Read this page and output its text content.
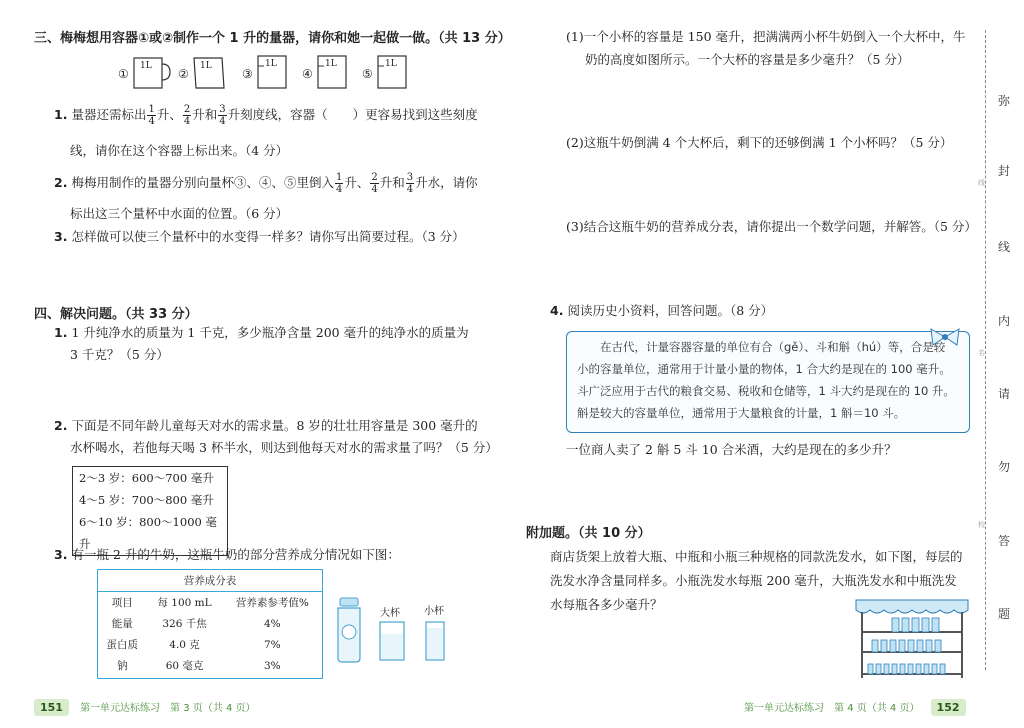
三、梅梅想用容器①或②制作一个 1 升的量器，请你和她一起做一做。（共 13 分）
①
1L
②
1L
③
1L
④
1L
⑤
1L
1. 量器还需标出 $\frac{1}{4}$ 升、 $\frac{2}{4}$ 升和 $\frac{3}{4}$ 升刻度线，容器（　　）更容易找到这些刻度
线，请你在这个容器上标出来。（4 分）
2. 梅梅用制作的量器分别向量杯③、④、⑤里倒入 $\frac{1}{4}$ 升、 $\frac{2}{4}$ 升和 $\frac{3}{4}$ 升水，请你
标出这三个量杯中水面的位置。（6 分）
3. 怎样做可以使三个量杯中的水变得一样多？请你写出简要过程。（3 分）
四、解决问题。（共 33 分）
1. 1 升纯净水的质量为 1 千克，多少瓶净含量 200 毫升的纯净水的质量为
3 千克？（5 分）
2. 下面是不同年龄儿童每天对水的需求量。8 岁的壮壮用容量是 300 毫升的
水杯喝水，若他每天喝 3 杯半水，则达到他每天对水的需求量了吗？（5 分）
2～3 岁：600～700 毫升
4～5 岁：700～800 毫升
6～10 岁：800～1000 毫升
3. 有一瓶 2 升的牛奶，这瓶牛奶的部分营养成分情况如下图：
营养成分表		
项目	每 100 mL	营养素参考值%
能量	326 千焦	4%
蛋白质	4.0 克	7%
钠	60 毫克	3%
大杯 小杯
151 第一单元达标练习　第 3 页（共 4 页）
(1)一个小杯的容量是 150 毫升，把满满两小杯牛奶倒入一个大杯中，牛
奶的高度如图所示。一个大杯的容量是多少毫升？（5 分）
(2)这瓶牛奶倒满 4 个大杯后，剩下的还够倒满 1 个小杯吗？（5 分）
(3)结合这瓶牛奶的营养成分表，请你提出一个数学问题，并解答。（5 分）
4. 阅读历史小资料，回答问题。（8 分）
在古代，计量容器容量的单位有合（gě）、斗和斛（hú）等，合是较
小的容量单位，通常用于计量小量的物体，1 合大约是现在的 100 毫升。
斗广泛应用于古代的粮食交易、税收和仓储等，1 斗大约是现在的 10 升。
斛是较大的容量单位，通常用于大量粮食的计量，1 斛＝10 斗。
一位商人卖了 2 斛 5 斗 10 合米酒，大约是现在的多少升？
附加题。（共 10 分）
商店货架上放着大瓶、中瓶和小瓶三种规格的同款洗发水，如下图，每层的
洗发水净含量同样多。小瓶洗发水每瓶 200 毫升，大瓶洗发水和中瓶洗发
水每瓶各多少毫升？
第一单元达标练习　第 4 页（共 4 页） 152
弥
封
线
内
请
勿
答
题
线
名
校
